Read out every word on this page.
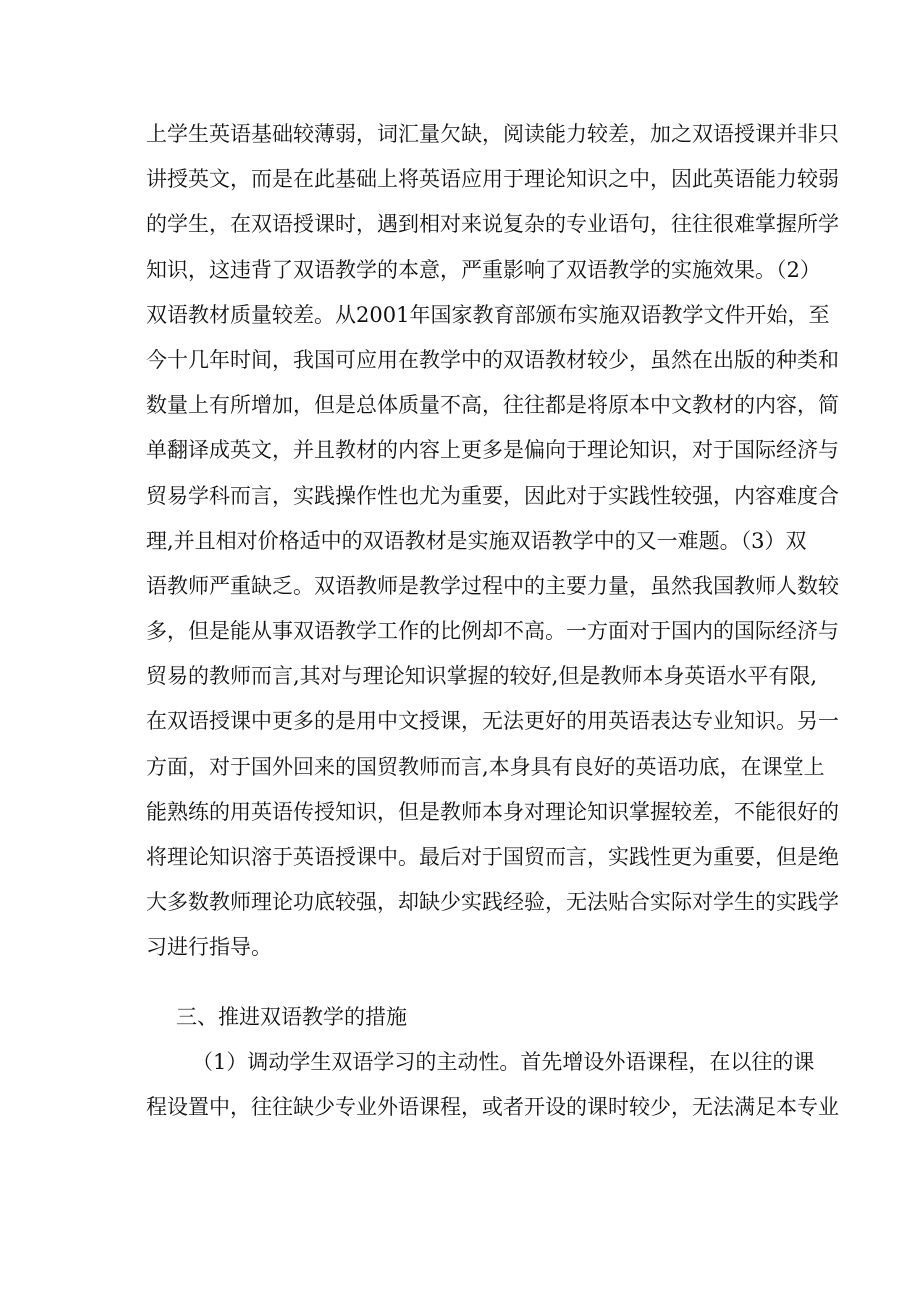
上学生英语基础较薄弱，词汇量欠缺，阅读能力较差，加之双语授课并非只
讲授英文，而是在此基础上将英语应用于理论知识之中，因此英语能力较弱
的学生，在双语授课时，遇到相对来说复杂的专业语句，往往很难掌握所学
知识，这违背了双语教学的本意，严重影响了双语教学的实施效果。（2）
双语教材质量较差。从2001年国家教育部颁布实施双语教学文件开始，至
今十几年时间，我国可应用在教学中的双语教材较少，虽然在出版的种类和
数量上有所增加，但是总体质量不高，往往都是将原本中文教材的内容，简
单翻译成英文，并且教材的内容上更多是偏向于理论知识，对于国际经济与
贸易学科而言，实践操作性也尤为重要，因此对于实践性较强，内容难度合
理,并且相对价格适中的双语教材是实施双语教学中的又一难题。（3）双
语教师严重缺乏。双语教师是教学过程中的主要力量，虽然我国教师人数较
多，但是能从事双语教学工作的比例却不高。一方面对于国内的国际经济与
贸易的教师而言,其对与理论知识掌握的较好,但是教师本身英语水平有限,
在双语授课中更多的是用中文授课，无法更好的用英语表达专业知识。另一
方面，对于国外回来的国贸教师而言,本身具有良好的英语功底，在课堂上
能熟练的用英语传授知识，但是教师本身对理论知识掌握较差，不能很好的
将理论知识溶于英语授课中。最后对于国贸而言，实践性更为重要，但是绝
大多数教师理论功底较强，却缺少实践经验，无法贴合实际对学生的实践学
习进行指导。
三、推进双语教学的措施
（1）调动学生双语学习的主动性。首先增设外语课程，在以往的课
程设置中，往往缺少专业外语课程，或者开设的课时较少，无法满足本专业
